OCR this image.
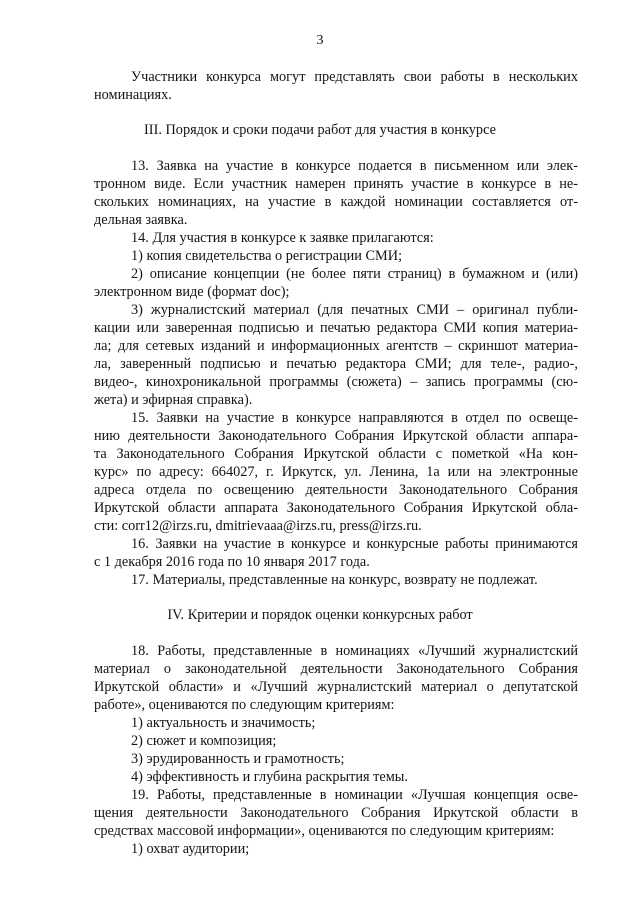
3
Участники конкурса могут представлять свои работы в нескольких
номинациях.
III. Порядок и сроки подачи работ для участия в конкурсе
13. Заявка на участие в конкурсе подается в письменном или элек-
тронном виде. Если участник намерен принять участие в конкурсе в не-
скольких номинациях, на участие в каждой номинации составляется от-
дельная заявка.
14. Для участия в конкурсе к заявке прилагаются:
1) копия свидетельства о регистрации СМИ;
2) описание концепции (не более пяти страниц) в бумажном и (или)
электронном виде (формат doc);
3) журналистский материал (для печатных СМИ – оригинал публи-
кации или заверенная подписью и печатью редактора СМИ копия материа-
ла; для сетевых изданий и информационных агентств – скриншот материа-
ла, заверенный подписью и печатью редактора СМИ; для теле-, радио-,
видео-, кинохроникальной программы (сюжета) – запись программы (сю-
жета) и эфирная справка).
15. Заявки на участие в конкурсе направляются в отдел по освеще-
нию деятельности Законодательного Собрания Иркутской области аппара-
та Законодательного Собрания Иркутской области с пометкой «На кон-
курс» по адресу: 664027, г. Иркутск, ул. Ленина, 1а или на электронные
адреса отдела по освещению деятельности Законодательного Собрания
Иркутской области аппарата Законодательного Собрания Иркутской обла-
сти: corr12@irzs.ru, dmitrievaaa@irzs.ru, press@irzs.ru.
16. Заявки на участие в конкурсе и конкурсные работы принимаются
с 1 декабря 2016 года по 10 января 2017 года.
17. Материалы, представленные на конкурс, возврату не подлежат.
IV. Критерии и порядок оценки конкурсных работ
18. Работы, представленные в номинациях «Лучший журналистский
материал о законодательной деятельности Законодательного Собрания
Иркутской области» и «Лучший журналистский материал о депутатской
работе», оцениваются по следующим критериям:
1) актуальность и значимость;
2) сюжет и композиция;
3) эрудированность и грамотность;
4) эффективность и глубина раскрытия темы.
19. Работы, представленные в номинации «Лучшая концепция осве-
щения деятельности Законодательного Собрания Иркутской области в
средствах массовой информации», оцениваются по следующим критериям:
1) охват аудитории;
